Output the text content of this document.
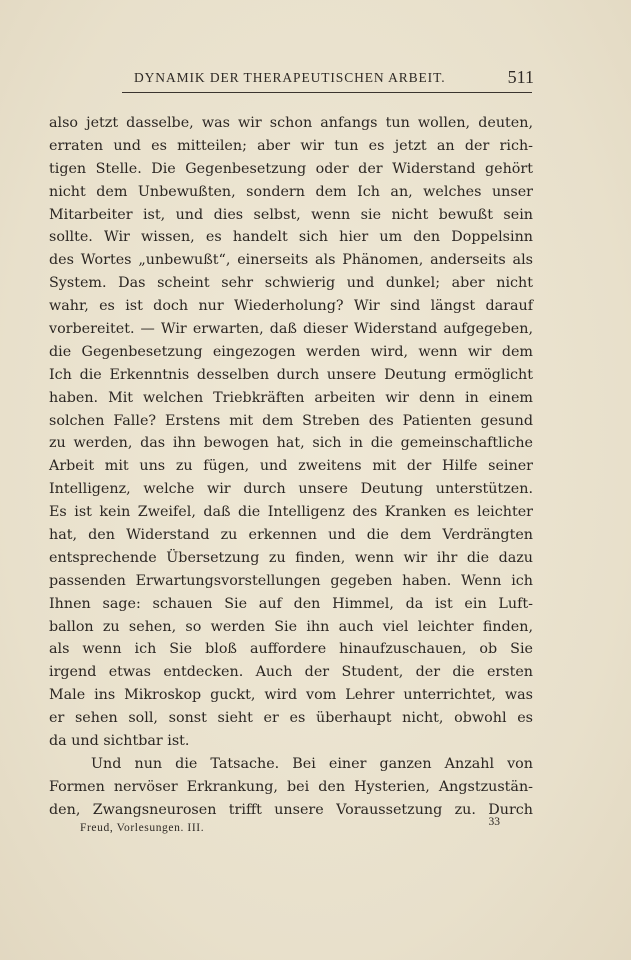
DYNAMIK DER THERAPEUTISCHEN ARBEIT.	511
also jetzt dasselbe, was wir schon anfangs tun wollen, deuten,
erraten und es mitteilen; aber wir tun es jetzt an der rich-
tigen Stelle. Die Gegenbesetzung oder der Widerstand gehört
nicht dem Unbewußten, sondern dem Ich an, welches unser
Mitarbeiter ist, und dies selbst, wenn sie nicht bewußt sein
sollte. Wir wissen, es handelt sich hier um den Doppelsinn
des Wortes „unbewußt“, einerseits als Phänomen, anderseits als
System. Das scheint sehr schwierig und dunkel; aber nicht
wahr, es ist doch nur Wiederholung? Wir sind längst darauf
vorbereitet. — Wir erwarten, daß dieser Widerstand aufgegeben,
die Gegenbesetzung eingezogen werden wird, wenn wir dem
Ich die Erkenntnis desselben durch unsere Deutung ermöglicht
haben. Mit welchen Triebkräften arbeiten wir denn in einem
solchen Falle? Erstens mit dem Streben des Patienten gesund
zu werden, das ihn bewogen hat, sich in die gemeinschaftliche
Arbeit mit uns zu fügen, und zweitens mit der Hilfe seiner
Intelligenz, welche wir durch unsere Deutung unterstützen.
Es ist kein Zweifel, daß die Intelligenz des Kranken es leichter
hat, den Widerstand zu erkennen und die dem Verdrängten
entsprechende Übersetzung zu finden, wenn wir ihr die dazu
passenden Erwartungsvorstellungen gegeben haben. Wenn ich
Ihnen sage: schauen Sie auf den Himmel, da ist ein Luft-
ballon zu sehen, so werden Sie ihn auch viel leichter finden,
als wenn ich Sie bloß auffordere hinaufzuschauen, ob Sie
irgend etwas entdecken. Auch der Student, der die ersten
Male ins Mikroskop guckt, wird vom Lehrer unterrichtet, was
er sehen soll, sonst sieht er es überhaupt nicht, obwohl es
da und sichtbar ist.
Und nun die Tatsache. Bei einer ganzen Anzahl von
Formen nervöser Erkrankung, bei den Hysterien, Angstzustän-
den, Zwangsneurosen trifft unsere Voraussetzung zu. Durch
Freud, Vorlesungen. III.	33
